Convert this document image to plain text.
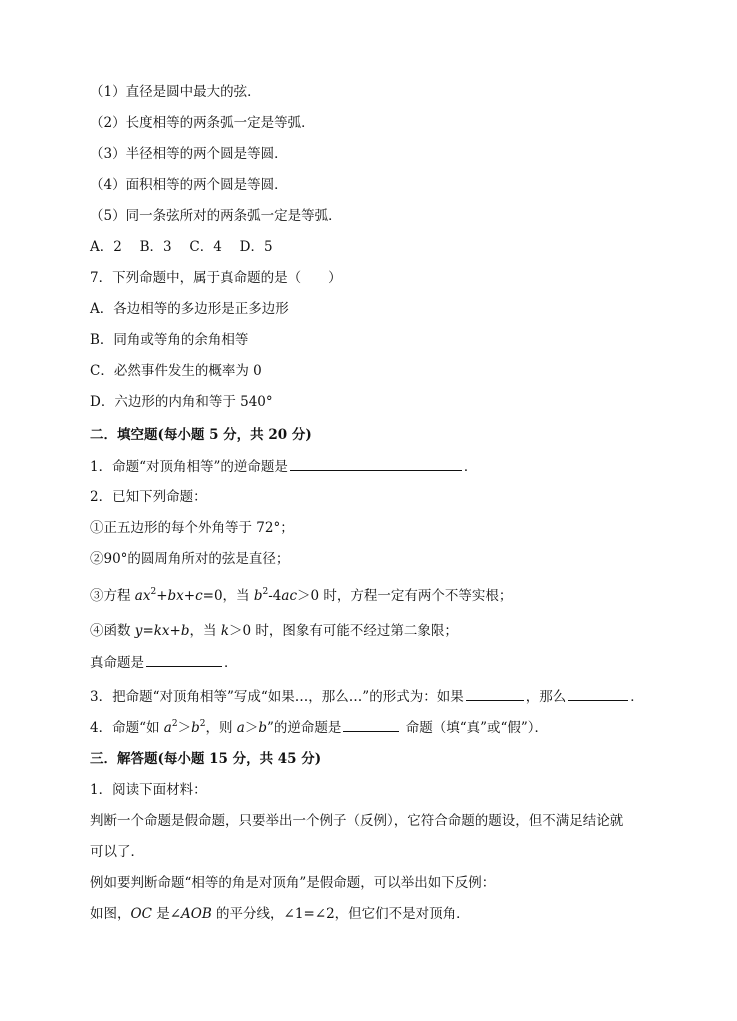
（1）直径是圆中最大的弦．
（2）长度相等的两条弧一定是等弧．
（3）半径相等的两个圆是等圆．
（4）面积相等的两个圆是等圆．
（5）同一条弦所对的两条弧一定是等弧．
A．2　 B．3　 C．4　 D．5
7．下列命题中，属于真命题的是（　　）
A．各边相等的多边形是正多边形
B．同角或等角的余角相等
C．必然事件发生的概率为 0
D．六边形的内角和等于 540°
二．填空题(每小题 5 分，共 20 分)
1．命题“对顶角相等”的逆命题是	．
2．已知下列命题：
①正五边形的每个外角等于 72°；
②90°的圆周角所对的弦是直径；
③方程 $ax^2+bx+c=0$，当 $b^2-4ac>0$ 时，方程一定有两个不等实根；
④函数 y=kx+b，当 k＞0 时，图象有可能不经过第二象限；
真命题是	．
3．把命题“对顶角相等”写成“如果…，那么…”的形式为：如果	，那么	．
4．命题“如 $a^2>b^2$，则 a＞b”的逆命题是	命题（填“真”或“假”）．
三．解答题(每小题 15 分，共 45 分)
1．阅读下面材料：
判断一个命题是假命题，只要举出一个例子（反例），它符合命题的题设，但不满足结论就
可以了．
例如要判断命题“相等的角是对顶角”是假命题，可以举出如下反例：
如图，OC 是∠AOB 的平分线，∠1=∠2，但它们不是对顶角．
